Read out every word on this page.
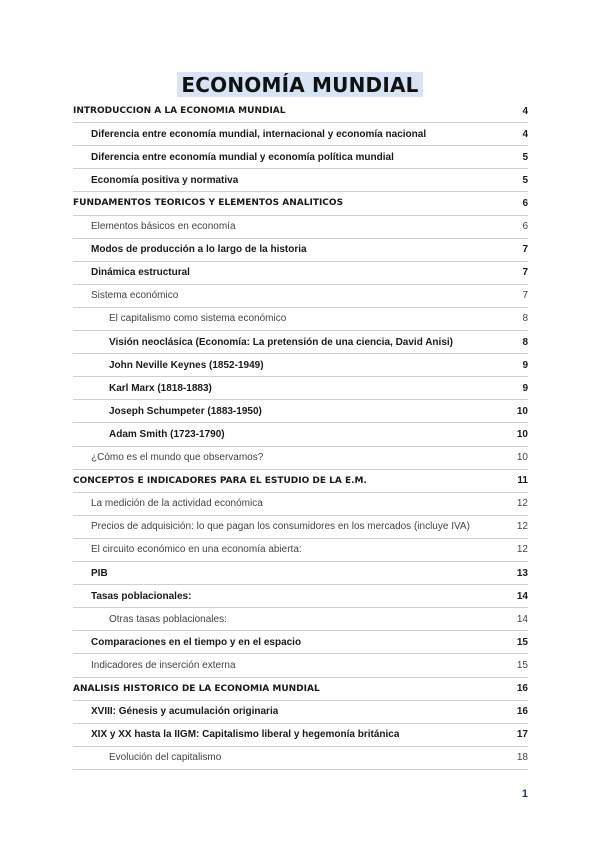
ECONOMÍA MUNDIAL
INTRODUCCIÓN A LA ECONOMÍA MUNDIAL	4
Diferencia entre economía mundial, internacional y economía nacional	4
Diferencia entre economía mundial y economía política mundial	5
Economía positiva y normativa	5
FUNDAMENTOS TEÓRICOS Y ELEMENTOS ANALÍTICOS	6
Elementos básicos en economía	6
Modos de producción a lo largo de la historia	7
Dinámica estructural	7
Sistema económico	7
El capitalismo como sistema económico	8
Visión neoclásica (Economía: La pretensión de una ciencia, David Anisi)	8
John Neville Keynes (1852-1949)	9
Karl Marx (1818-1883)	9
Joseph Schumpeter (1883-1950)	10
Adam Smith (1723-1790)	10
¿Cómo es el mundo que observamos?	10
CONCEPTOS E INDICADORES PARA EL ESTUDIO DE LA E.M.	11
La medición de la actividad económica	12
Precios de adquisición: lo que pagan los consumidores en los mercados (incluye IVA)	12
El circuito económico en una economía abierta:	12
PIB	13
Tasas poblacionales:	14
Otras tasas poblacionales:	14
Comparaciones en el tiempo y en el espacio	15
Indicadores de inserción externa	15
ANÁLISIS HISTÓRICO DE LA ECONOMÍA MUNDIAL	16
XVIII: Génesis y acumulación originaria	16
XIX y XX hasta la IIGM: Capitalismo liberal y hegemonía británica	17
Evolución del capitalismo	18
1
